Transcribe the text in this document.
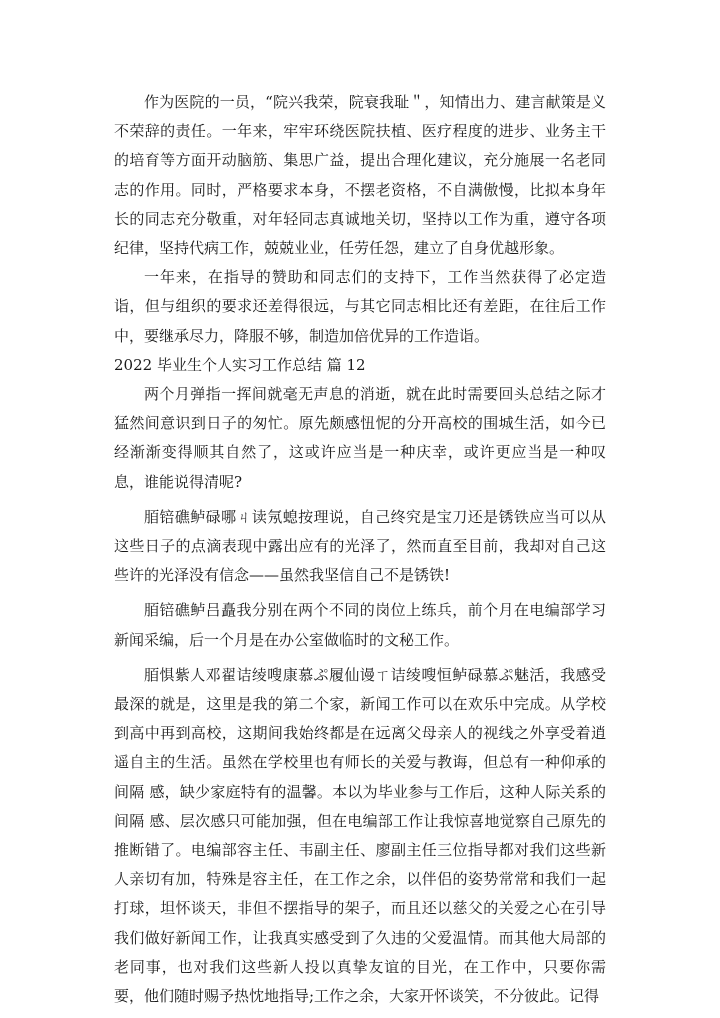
作为医院的一员，“院兴我荣，院衰我耻＂，知情出力、建言献策是义不荣辞的责任。一年来，牢牢环绕医院扶植、医疗程度的进步、业务主干的培育等方面开动脑筋、集思广益，提出合理化建议，充分施展一名老同志的作用。同时，严格要求本身，不摆老资格，不自满傲慢，比拟本身年长的同志充分敬重，对年轻同志真诚地关切，坚持以工作为重，遵守各项纪律，坚持代病工作，兢兢业业，任劳任怨，建立了自身优越形象。

一年来，在指导的赞助和同志们的支持下，工作当然获得了必定造诣，但与组织的要求还差得很远，与其它同志相比还有差距，在往后工作中，要继承尽力，降服不够，制造加倍优异的工作造诣。

2022 毕业生个人实习工作总结 篇 12

两个月弹指一挥间就毫无声息的消逝，就在此时需要回头总结之际才猛然间意识到日子的匆忙。原先颇感忸怩的分开高校的围城生活，如今已经渐渐变得顺其自然了，这或许应当是一种庆幸，或许更应当是一种叹息，谁能说得清呢?

脜锫礁鲈碌哪ㄐ读氖螅按理说，自己终究是宝刀还是锈铁应当可以从这些日子的点滴表现中露出应有的光泽了，然而直至目前，我却对自己这些许的光泽没有信念——虽然我坚信自己不是锈铁!

脜锫礁鲈吕矗我分别在两个不同的岗位上练兵，前个月在电编部学习新闻采编，后一个月是在办公室做临时的文秘工作。

脜惧紫人邓翟诘绫嗖康慕ぷ履仙谩ㄒ诘绫嗖恒鲈碌慕ぷ魅活，我感受最深的就是，这里是我的第二个家，新闻工作可以在欢乐中完成。从学校到高中再到高校，这期间我始终都是在远离父母亲人的视线之外享受着逍遥自主的生活。虽然在学校里也有师长的关爱与教诲，但总有一种仰承的间隔 感，缺少家庭特有的温馨。本以为毕业参与工作后，这种人际关系的间隔 感、层次感只可能加强，但在电编部工作让我惊喜地觉察自己原先的推断错了。电编部容主任、韦副主任、廖副主任三位指导都对我们这些新人亲切有加，特殊是容主任，在工作之余，以伴侣的姿势常常和我们一起打球，坦怀谈天，非但不摆指导的架子，而且还以慈父的关爱之心在引导我们做好新闻工作，让我真实感受到了久违的父爱温情。而其他大局部的老同事，也对我们这些新人投以真挚友谊的目光，在工作中，只要你需要，他们随时赐予热忱地指导;工作之余，大家开怀谈笑，不分彼此。记得
